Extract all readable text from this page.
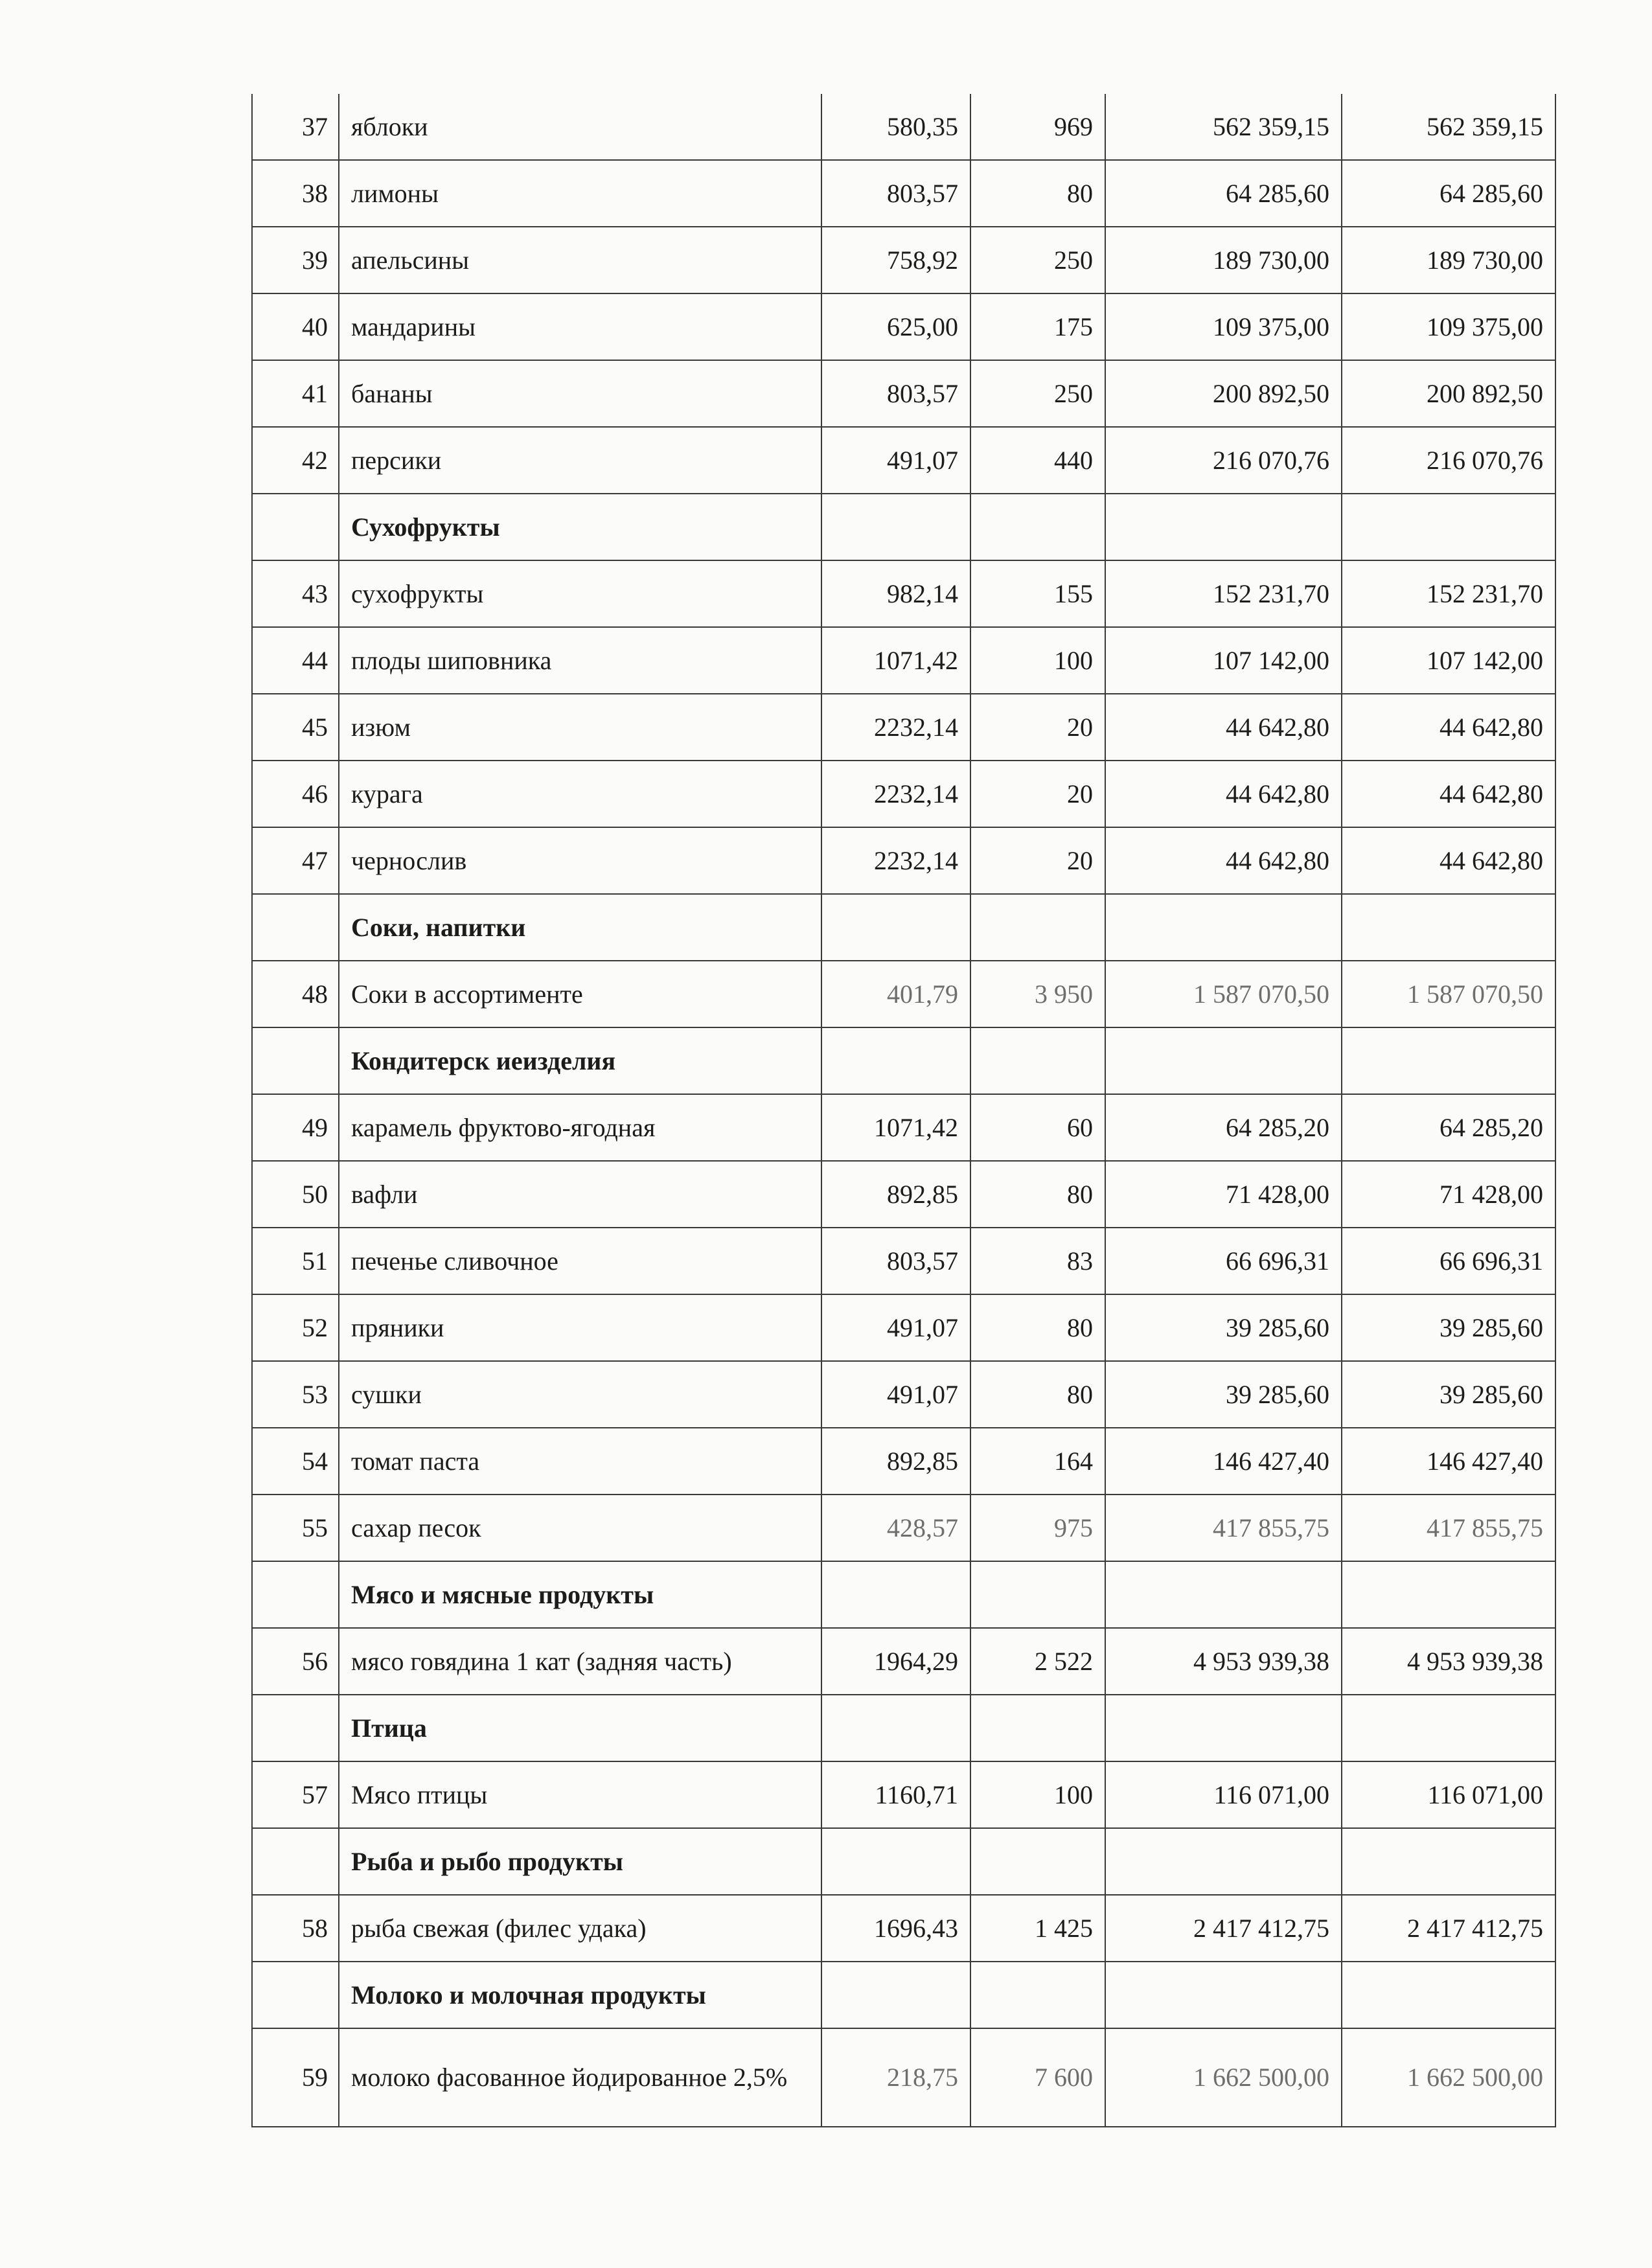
37	яблоки	580,35	969	562 359,15	562 359,15
38	лимоны	803,57	80	64 285,60	64 285,60
39	апельсины	758,92	250	189 730,00	189 730,00
40	мандарины	625,00	175	109 375,00	109 375,00
41	бананы	803,57	250	200 892,50	200 892,50
42	персики	491,07	440	216 070,76	216 070,76
	Сухофрукты				
43	сухофрукты	982,14	155	152 231,70	152 231,70
44	плоды шиповника	1071,42	100	107 142,00	107 142,00
45	изюм	2232,14	20	44 642,80	44 642,80
46	курага	2232,14	20	44 642,80	44 642,80
47	чернослив	2232,14	20	44 642,80	44 642,80
	Соки, напитки				
48	Соки в ассортименте	401,79	3 950	1 587 070,50	1 587 070,50
	Кондитерск иеизделия				
49	карамель фруктово-ягодная	1071,42	60	64 285,20	64 285,20
50	вафли	892,85	80	71 428,00	71 428,00
51	печенье сливочное	803,57	83	66 696,31	66 696,31
52	пряники	491,07	80	39 285,60	39 285,60
53	сушки	491,07	80	39 285,60	39 285,60
54	томат паста	892,85	164	146 427,40	146 427,40
55	сахар песок	428,57	975	417 855,75	417 855,75
	Мясо и мясные продукты				
56	мясо говядина 1 кат (задняя часть)	1964,29	2 522	4 953 939,38	4 953 939,38
	Птица				
57	Мясо птицы	1160,71	100	116 071,00	116 071,00
	Рыба и рыбо продукты				
58	рыба свежая (филес удака)	1696,43	1 425	2 417 412,75	2 417 412,75
	Молоко и молочная продукты				
59	молоко фасованное йодированное 2,5%	218,75	7 600	1 662 500,00	1 662 500,00
